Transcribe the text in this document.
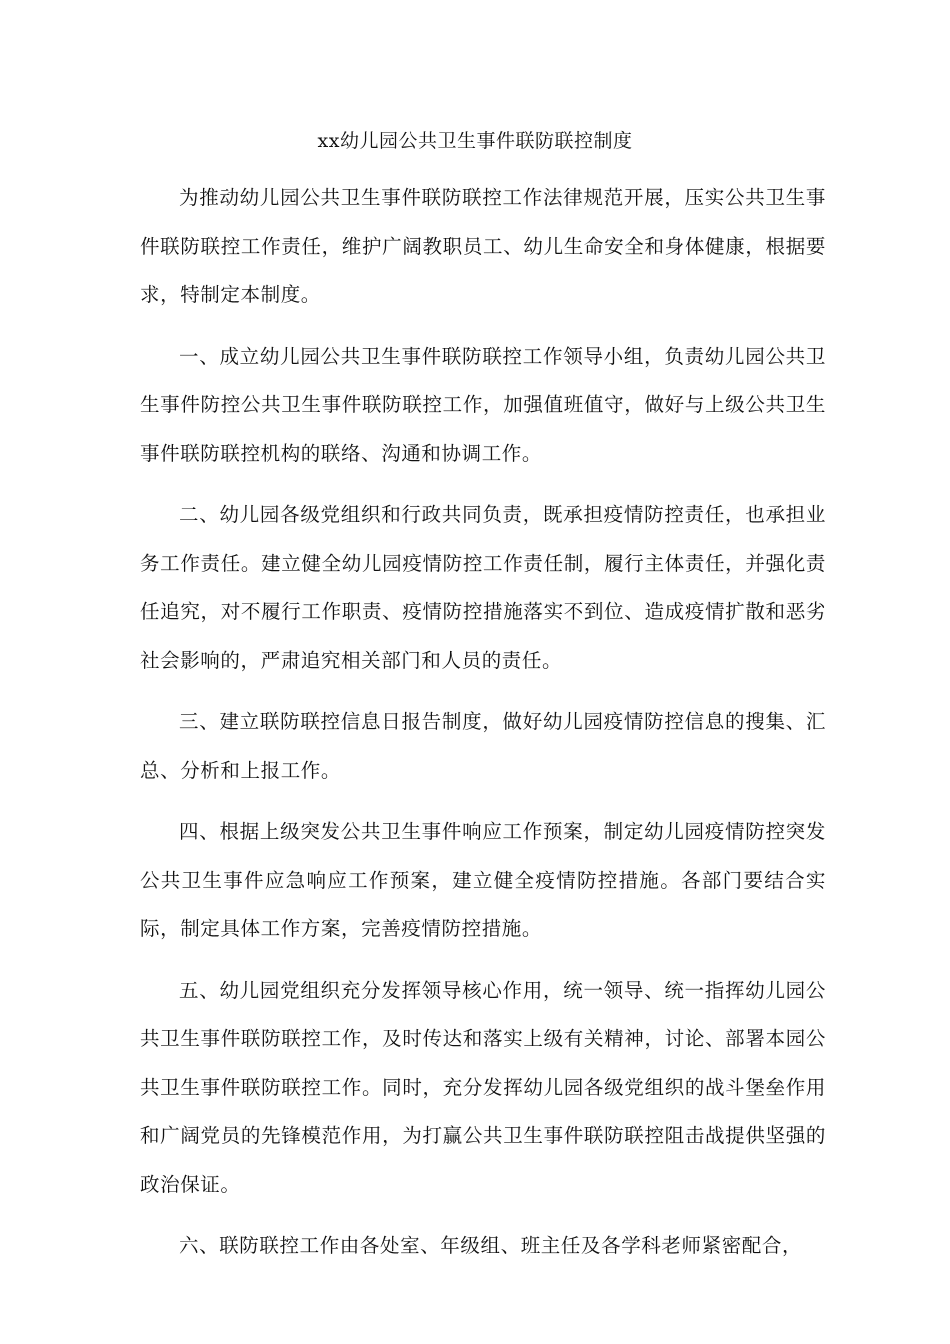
xx幼儿园公共卫生事件联防联控制度

为推动幼儿园公共卫生事件联防联控工作法律规范开展，压实公共卫生事件联防联控工作责任，维护广阔教职员工、幼儿生命安全和身体健康，根据要求，特制定本制度。

一、成立幼儿园公共卫生事件联防联控工作领导小组，负责幼儿园公共卫生事件防控公共卫生事件联防联控工作，加强值班值守，做好与上级公共卫生事件联防联控机构的联络、沟通和协调工作。

二、幼儿园各级党组织和行政共同负责，既承担疫情防控责任，也承担业务工作责任。建立健全幼儿园疫情防控工作责任制，履行主体责任，并强化责任追究，对不履行工作职责、疫情防控措施落实不到位、造成疫情扩散和恶劣社会影响的，严肃追究相关部门和人员的责任。

三、建立联防联控信息日报告制度，做好幼儿园疫情防控信息的搜集、汇总、分析和上报工作。

四、根据上级突发公共卫生事件响应工作预案，制定幼儿园疫情防控突发公共卫生事件应急响应工作预案，建立健全疫情防控措施。各部门要结合实际，制定具体工作方案，完善疫情防控措施。

五、幼儿园党组织充分发挥领导核心作用，统一领导、统一指挥幼儿园公共卫生事件联防联控工作，及时传达和落实上级有关精神，讨论、部署本园公共卫生事件联防联控工作。同时，充分发挥幼儿园各级党组织的战斗堡垒作用和广阔党员的先锋模范作用，为打赢公共卫生事件联防联控阻击战提供坚强的政治保证。

六、联防联控工作由各处室、年级组、班主任及各学科老师紧密配合，
